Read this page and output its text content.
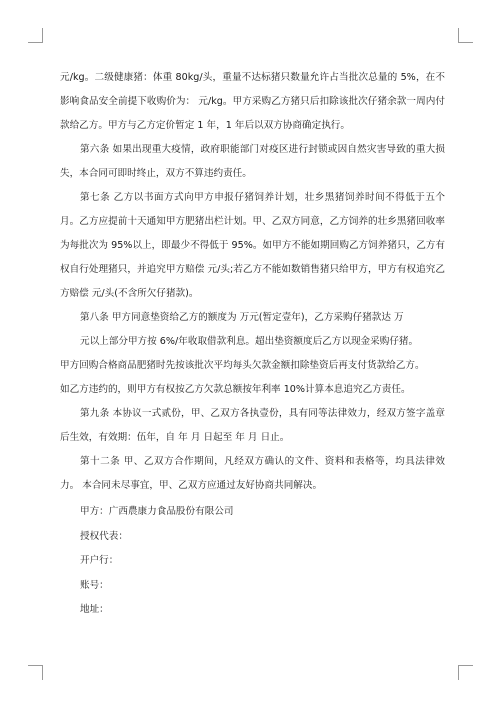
元/kg。二级健康猪：体重 80kg/头，重量不达标猪只数量允许占当批次总量的 5%，在不影响食品安全前提下收购价为： 元/kg。甲方采购乙方猪只后扣除该批次仔猪余款一周内付款给乙方。甲方与乙方定价暂定 1 年，1 年后以双方协商确定执行。

第六条 如果出现重大疫情，政府职能部门对疫区进行封锁或因自然灾害导致的重大损失，本合同可即时终止，双方不算违约责任。

第七条 乙方以书面方式向甲方申报仔猪饲养计划，壮乡黑猪饲养时间不得低于五个月。乙方应提前十天通知甲方肥猪出栏计划。甲、乙双方同意，乙方饲养的壮乡黑猪回收率为每批次为 95%以上，即最少不得低于 95%。如甲方不能如期回购乙方饲养猪只，乙方有权自行处理猪只，并追究甲方赔偿 元/头;若乙方不能如数销售猪只给甲方，甲方有权追究乙方赔偿 元/头(不含所欠仔猪款)。

第八条 甲方同意垫资给乙方的额度为 万元(暂定壹年)，乙方采购仔猪款达 万

元以上部分甲方按 6%/年收取借款利息。超出垫资额度后乙方以现金采购仔猪。

甲方回购合格商品肥猪时先按该批次平均每头欠款金额扣除垫资后再支付货款给乙方。

如乙方违约的，则甲方有权按乙方欠款总额按年利率 10%计算本息追究乙方责任。

第九条 本协议一式贰份，甲、乙双方各执壹份，具有同等法律效力，经双方签字盖章后生效，有效期：伍年，自 年 月 日起至 年 月 日止。

第十二条 甲、乙双方合作期间，凡经双方确认的文件、资料和表格等，均具法律效力。 本合同未尽事宜，甲、乙双方应通过友好协商共同解决。

甲方：广西農康力食品股份有限公司

授权代表：

开户行：

账号：

地址：
